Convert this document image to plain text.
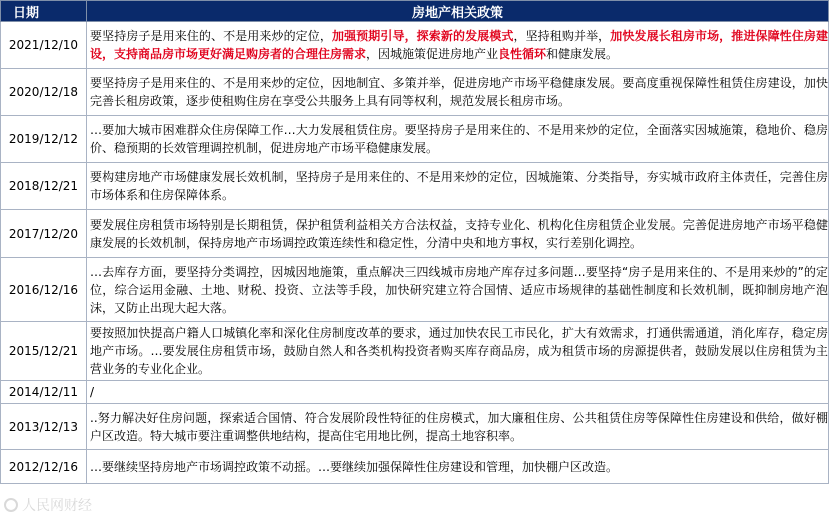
日期	房地产相关政策
2021/12/10	要坚持房子是用来住的、不是用来炒的定位，加强预期引导，探索新的发展模式，坚持租购并举，加快发展长租房市场，推进保障性住房建设，支持商品房市场更好满足购房者的合理住房需求，因城施策促进房地产业良性循环和健康发展。
2020/12/18	要坚持房子是用来住的、不是用来炒的定位，因地制宜、多策并举，促进房地产市场平稳健康发展。要高度重视保障性租赁住房建设，加快完善长租房政策，逐步使租购住房在享受公共服务上具有同等权利，规范发展长租房市场。
2019/12/12	…要加大城市困难群众住房保障工作…大力发展租赁住房。要坚持房子是用来住的、不是用来炒的定位，全面落实因城施策，稳地价、稳房价、稳预期的长效管理调控机制，促进房地产市场平稳健康发展。
2018/12/21	要构建房地产市场健康发展长效机制，坚持房子是用来住的、不是用来炒的定位，因城施策、分类指导，夯实城市政府主体责任，完善住房市场体系和住房保障体系。
2017/12/20	要发展住房租赁市场特别是长期租赁，保护租赁利益相关方合法权益，支持专业化、机构化住房租赁企业发展。完善促进房地产市场平稳健康发展的长效机制，保持房地产市场调控政策连续性和稳定性，分清中央和地方事权，实行差别化调控。
2016/12/16	…去库存方面，要坚持分类调控，因城因地施策，重点解决三四线城市房地产库存过多问题…要坚持“房子是用来住的、不是用来炒的”的定位，综合运用金融、土地、财税、投资、立法等手段，加快研究建立符合国情、适应市场规律的基础性制度和长效机制，既抑制房地产泡沫，又防止出现大起大落。
2015/12/21	要按照加快提高户籍人口城镇化率和深化住房制度改革的要求，通过加快农民工市民化，扩大有效需求，打通供需通道，消化库存，稳定房地产市场。…要发展住房租赁市场，鼓励自然人和各类机构投资者购买库存商品房，成为租赁市场的房源提供者，鼓励发展以住房租赁为主营业务的专业化企业。
2014/12/11	/
2013/12/13	..努力解决好住房问题，探索适合国情、符合发展阶段性特征的住房模式，加大廉租住房、公共租赁住房等保障性住房建设和供给，做好棚户区改造。特大城市要注重调整供地结构，提高住宅用地比例，提高土地容积率。
2012/12/16	…要继续坚持房地产市场调控政策不动摇。…要继续加强保障性住房建设和管理，加快棚户区改造。
人民网财经
